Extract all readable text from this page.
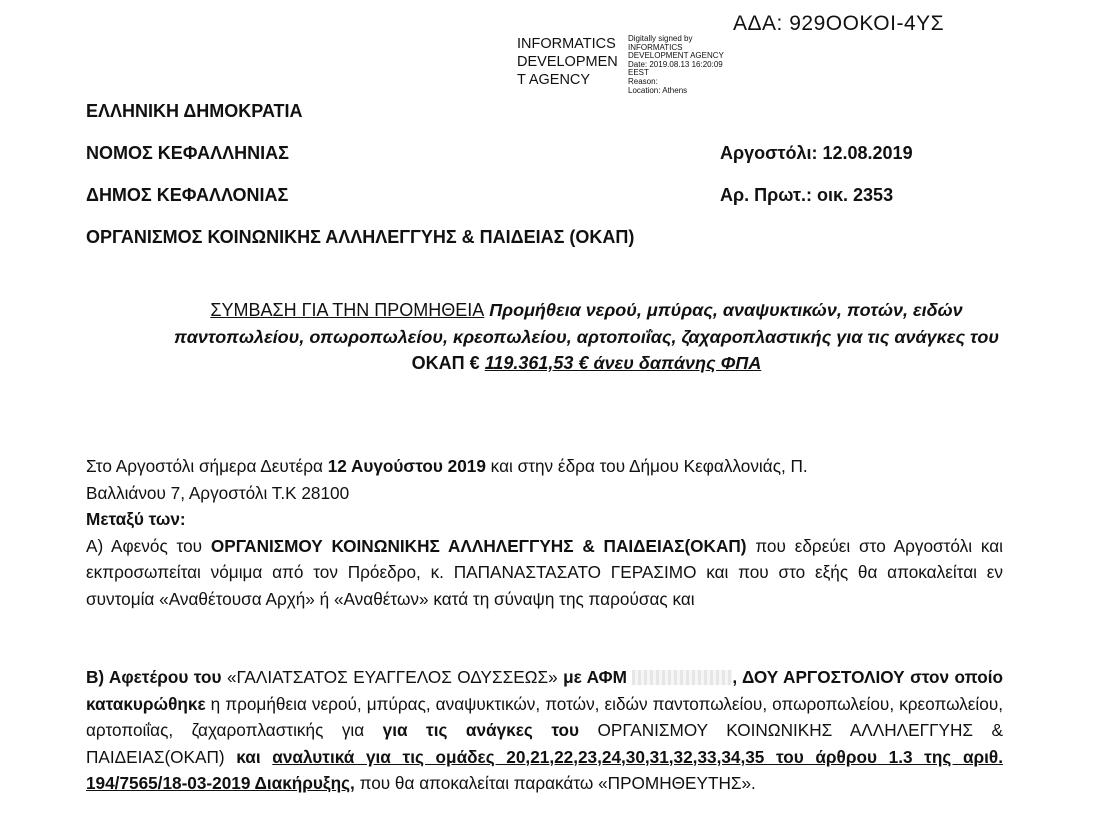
ΑΔΑ: 929ΟΟΚΟΙ-4ΥΣ
INFORMATICS
DEVELOPMEN
T AGENCY
Digitally signed by
INFORMATICS
DEVELOPMENT AGENCY
Date: 2019.08.13 16:20:09
EEST
Reason:
Location: Athens
ΕΛΛΗΝΙΚΗ ΔΗΜΟΚΡΑΤΙΑ
ΝΟΜΟΣ ΚΕΦΑΛΛΗΝΙΑΣ
ΔΗΜΟΣ ΚΕΦΑΛΛΟΝΙΑΣ
ΟΡΓΑΝΙΣΜΟΣ ΚΟΙΝΩΝΙΚΗΣ ΑΛΛΗΛΕΓΓΥΗΣ & ΠΑΙΔΕΙΑΣ (ΟΚΑΠ)
Αργοστόλι: 12.08.2019
Αρ. Πρωτ.: οικ. 2353
ΣΥΜΒΑΣΗ ΓΙΑ ΤΗΝ ΠΡΟΜΗΘΕΙΑ Προμήθεια νερού, μπύρας, αναψυκτικών, ποτών, ειδών
παντοπωλείου, οπωροπωλείου, κρεοπωλείου, αρτοποιΐας, ζαχαροπλαστικής για τις ανάγκες του
ΟΚΑΠ € 119.361,53 € άνευ δαπάνης ΦΠΑ
Στο Αργοστόλι σήμερα Δευτέρα 12 Αυγούστου 2019 και στην έδρα του Δήμου Κεφαλλονιάς, Π.
Βαλλιάνου 7, Αργοστόλι Τ.Κ 28100
Μεταξύ των:
Α) Αφενός του ΟΡΓΑΝΙΣΜΟΥ ΚΟΙΝΩΝΙΚΗΣ ΑΛΛΗΛΕΓΓΥΗΣ & ΠΑΙΔΕΙΑΣ(ΟΚΑΠ) που εδρεύει στο Αργοστόλι και εκπροσωπείται νόμιμα από τον Πρόεδρο, κ. ΠΑΠΑΝΑΣΤΑΣΑΤΟ ΓΕΡΑΣΙΜΟ και που στο εξής θα αποκαλείται εν συντομία «Αναθέτουσα Αρχή» ή «Αναθέτων» κατά τη σύναψη της παρούσας και
Β) Αφετέρου του «ΓΑΛΙΑΤΣΑΤΟΣ ΕΥΑΓΓΕΛΟΣ ΟΔΥΣΣΕΩΣ» με ΑΦΜ	, ΔΟΥ ΑΡΓΟΣΤΟΛΙΟΥ στον οποίο κατακυρώθηκε η προμήθεια νερού, μπύρας, αναψυκτικών, ποτών, ειδών παντοπωλείου, οπωροπωλείου, κρεοπωλείου, αρτοποιΐας, ζαχαροπλαστικής για για τις ανάγκες του ΟΡΓΑΝΙΣΜΟΥ ΚΟΙΝΩΝΙΚΗΣ ΑΛΛΗΛΕΓΓΥΗΣ & ΠΑΙΔΕΙΑΣ(ΟΚΑΠ) και αναλυτικά για τις ομάδες 20,21,22,23,24,30,31,32,33,34,35 του άρθρου 1.3 της αριθ. 194/7565/18-03-2019 Διακήρυξης, που θα αποκαλείται παρακάτω «ΠΡΟΜΗΘΕΥΤΗΣ».
